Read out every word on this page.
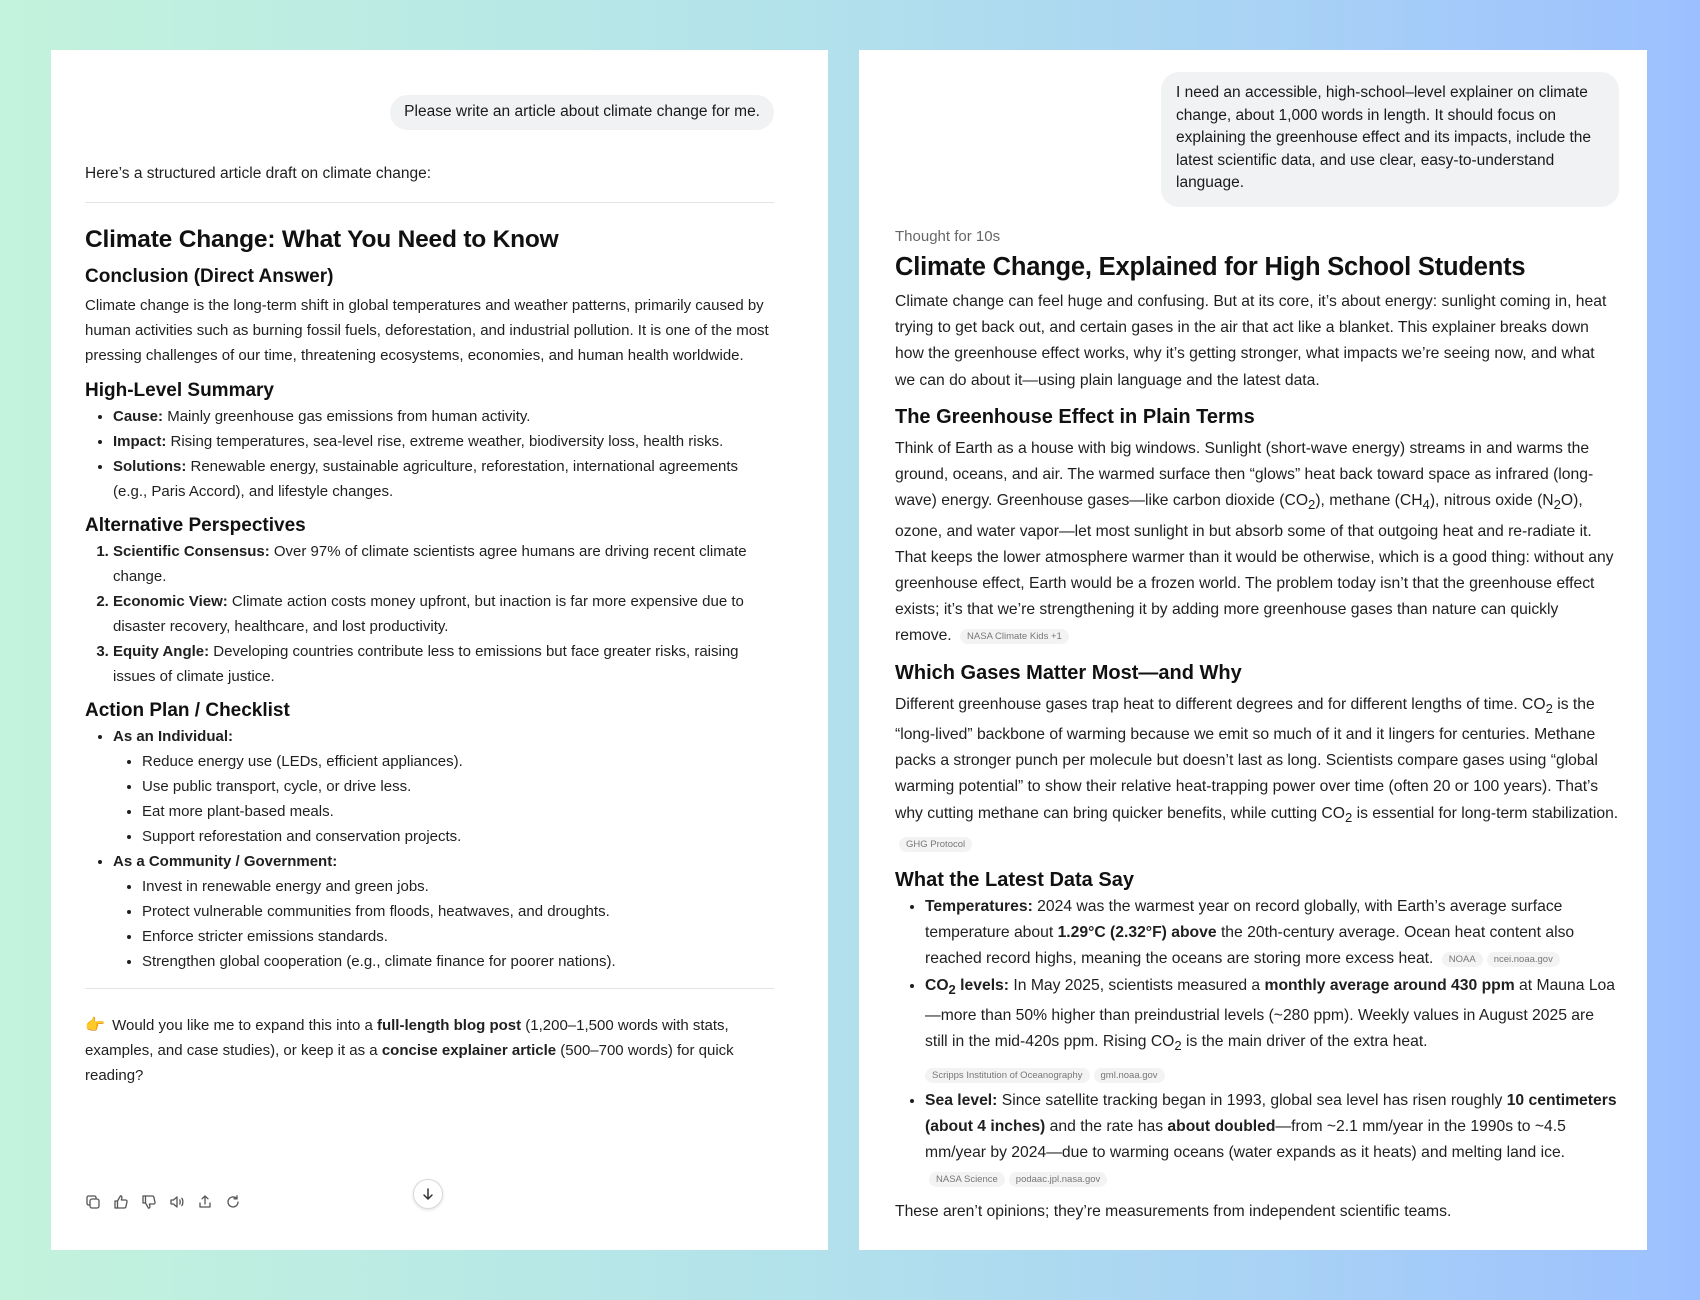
Please write an article about climate change for me.

Here’s a structured article draft on climate change:

Climate Change: What You Need to Know
Conclusion (Direct Answer)

Climate change is the long-term shift in global temperatures and weather patterns, primarily caused by human activities such as burning fossil fuels, deforestation, and industrial pollution. It is one of the most pressing challenges of our time, threatening ecosystems, economies, and human health worldwide.

High-Level Summary
• Cause: Mainly greenhouse gas emissions from human activity.
• Impact: Rising temperatures, sea-level rise, extreme weather, biodiversity loss, health risks.
• Solutions: Renewable energy, sustainable agriculture, reforestation, international agreements (e.g., Paris Accord), and lifestyle changes.
Alternative Perspectives
1. Scientific Consensus: Over 97% of climate scientists agree humans are driving recent climate change.
2. Economic View: Climate action costs money upfront, but inaction is far more expensive due to disaster recovery, healthcare, and lost productivity.
3. Equity Angle: Developing countries contribute less to emissions but face greater risks, raising issues of climate justice.
Action Plan / Checklist
• As an Individual:
• Reduce energy use (LEDs, efficient appliances).
• Use public transport, cycle, or drive less.
• Eat more plant-based meals.
• Support reforestation and conservation projects.
• As a Community / Government:
• Invest in renewable energy and green jobs.
• Protect vulnerable communities from floods, heatwaves, and droughts.
• Enforce stricter emissions standards.
• Strengthen global cooperation (e.g., climate finance for poorer nations).

👉 Would you like me to expand this into a full-length blog post (1,200–1,500 words with stats, examples, and case studies), or keep it as a concise explainer article (500–700 words) for quick reading?

I need an accessible, high-school–level explainer on climate change, about 1,000 words in length. It should focus on explaining the greenhouse effect and its impacts, include the latest scientific data, and use clear, easy-to-understand language.
Thought for 10s
Climate Change, Explained for High School Students

Climate change can feel huge and confusing. But at its core, it’s about energy: sunlight coming in, heat trying to get back out, and certain gases in the air that act like a blanket. This explainer breaks down how the greenhouse effect works, why it’s getting stronger, what impacts we’re seeing now, and what we can do about it—using plain language and the latest data.

The Greenhouse Effect in Plain Terms

Think of Earth as a house with big windows. Sunlight (short-wave energy) streams in and warms the ground, oceans, and air. The warmed surface then “glows” heat back toward space as infrared (long-wave) energy. Greenhouse gases—like carbon dioxide $(CO_2)$, methane $(CH_4)$, nitrous oxide $(N_2O)$, ozone, and water vapor—let most sunlight in but absorb some of that outgoing heat and re-radiate it. That keeps the lower atmosphere warmer than it would be otherwise, which is a good thing: without any greenhouse effect, Earth would be a frozen world. The problem today isn’t that the greenhouse effect exists; it’s that we’re strengthening it by adding more greenhouse gases than nature can quickly remove. NASA Climate Kids +1

Which Gases Matter Most—and Why

Different greenhouse gases trap heat to different degrees and for different lengths of time. $CO_2$ is the “long-lived” backbone of warming because we emit so much of it and it lingers for centuries. Methane packs a stronger punch per molecule but doesn’t last as long. Scientists compare gases using “global warming potential” to show their relative heat-trapping power over time (often 20 or 100 years). That’s why cutting methane can bring quicker benefits, while cutting $CO_2$ is essential for long-term stabilization. GHG Protocol

What the Latest Data Say
• Temperatures: 2024 was the warmest year on record globally, with Earth’s average surface temperature about 1.29°C (2.32°F) above the 20th-century average. Ocean heat content also reached record highs, meaning the oceans are storing more excess heat. NOAA ncei.noaa.gov
• $CO_2$ levels: In May 2025, scientists measured a monthly average around 430 ppm at Mauna Loa—more than 50% higher than preindustrial levels (~280 ppm). Weekly values in August 2025 are still in the mid-420s ppm. Rising $CO_2$ is the main driver of the extra heat.
Scripps Institution of Oceanography gml.noaa.gov
• Sea level: Since satellite tracking began in 1993, global sea level has risen roughly 10 centimeters (about 4 inches) and the rate has about doubled—from ~2.1 mm/year in the 1990s to ~4.5 mm/year by 2024—due to warming oceans (water expands as it heats) and melting land ice. NASA Science podaac.jpl.nasa.gov

These aren’t opinions; they’re measurements from independent scientific teams.
